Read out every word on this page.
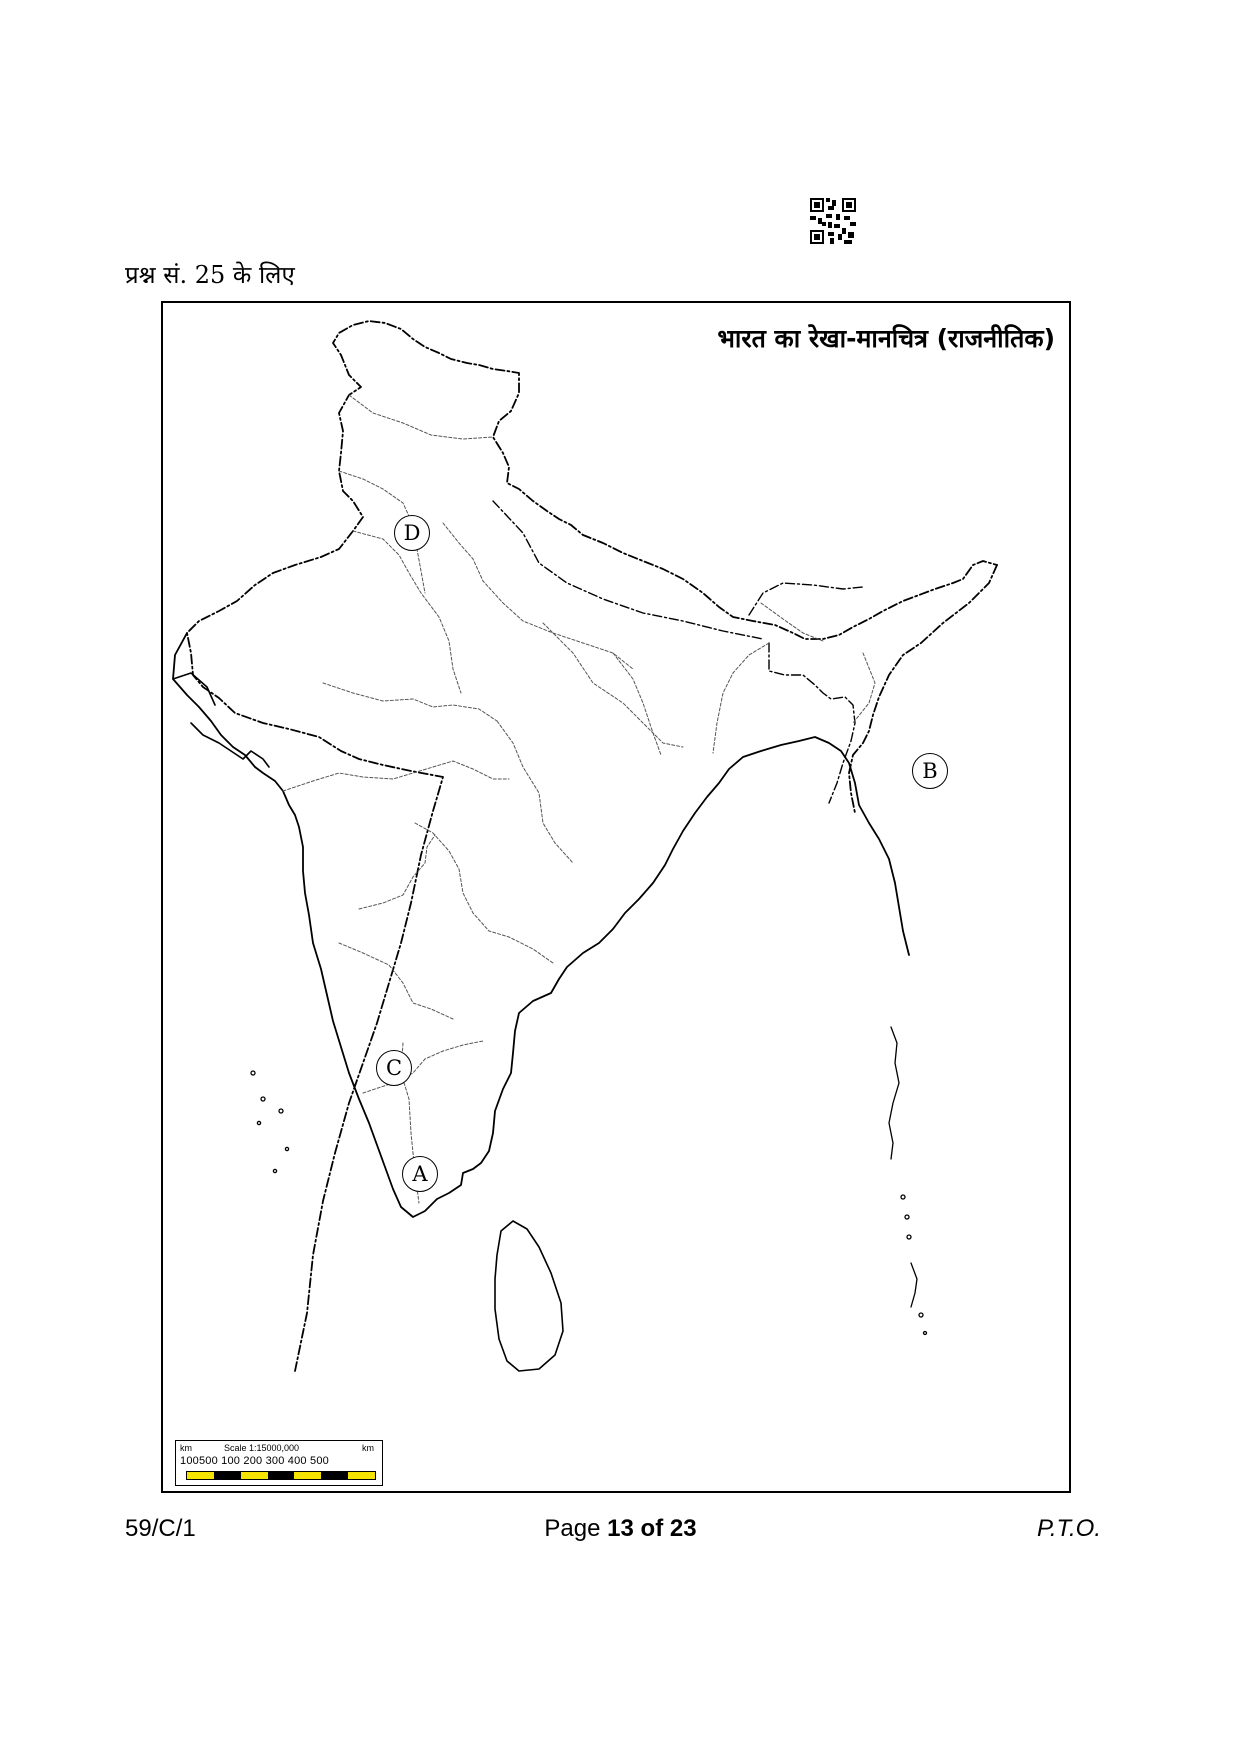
प्रश्न सं. 25 के लिए
भारत का रेखा-मानचित्र (राजनीतिक)
A
B
C
D
km	Scale 1:15000,000	km
100500 100 200 300 400 500
59/C/1	Page 13 of 23	P.T.O.
